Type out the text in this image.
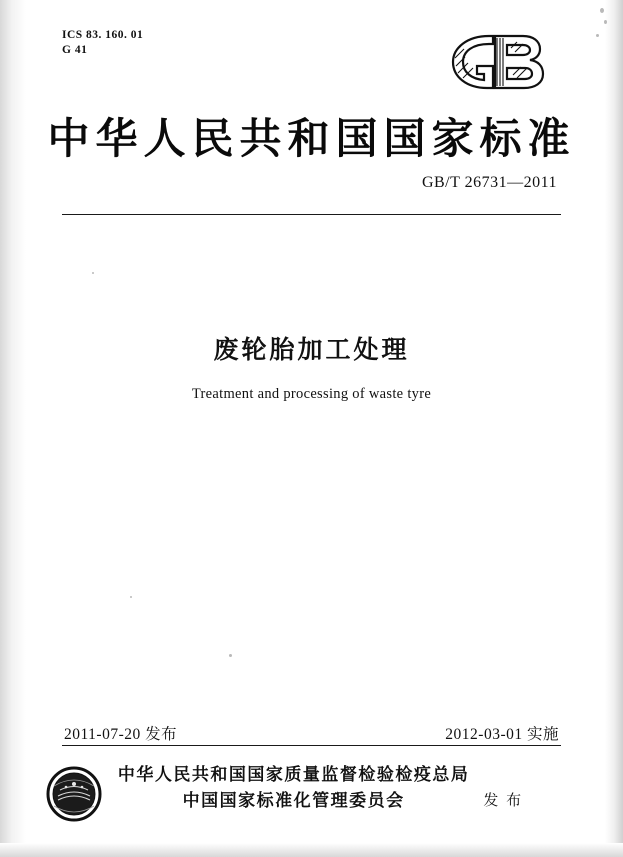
ICS 83. 160. 01
G 41
中华人民共和国国家标准
GB/T 26731—2011
废轮胎加工处理
Treatment and processing of waste tyre
2011-07-20 发布	2012-03-01 实施
中华人民共和国国家质量监督检验检疫总局
中国国家标准化管理委员会	发 布
